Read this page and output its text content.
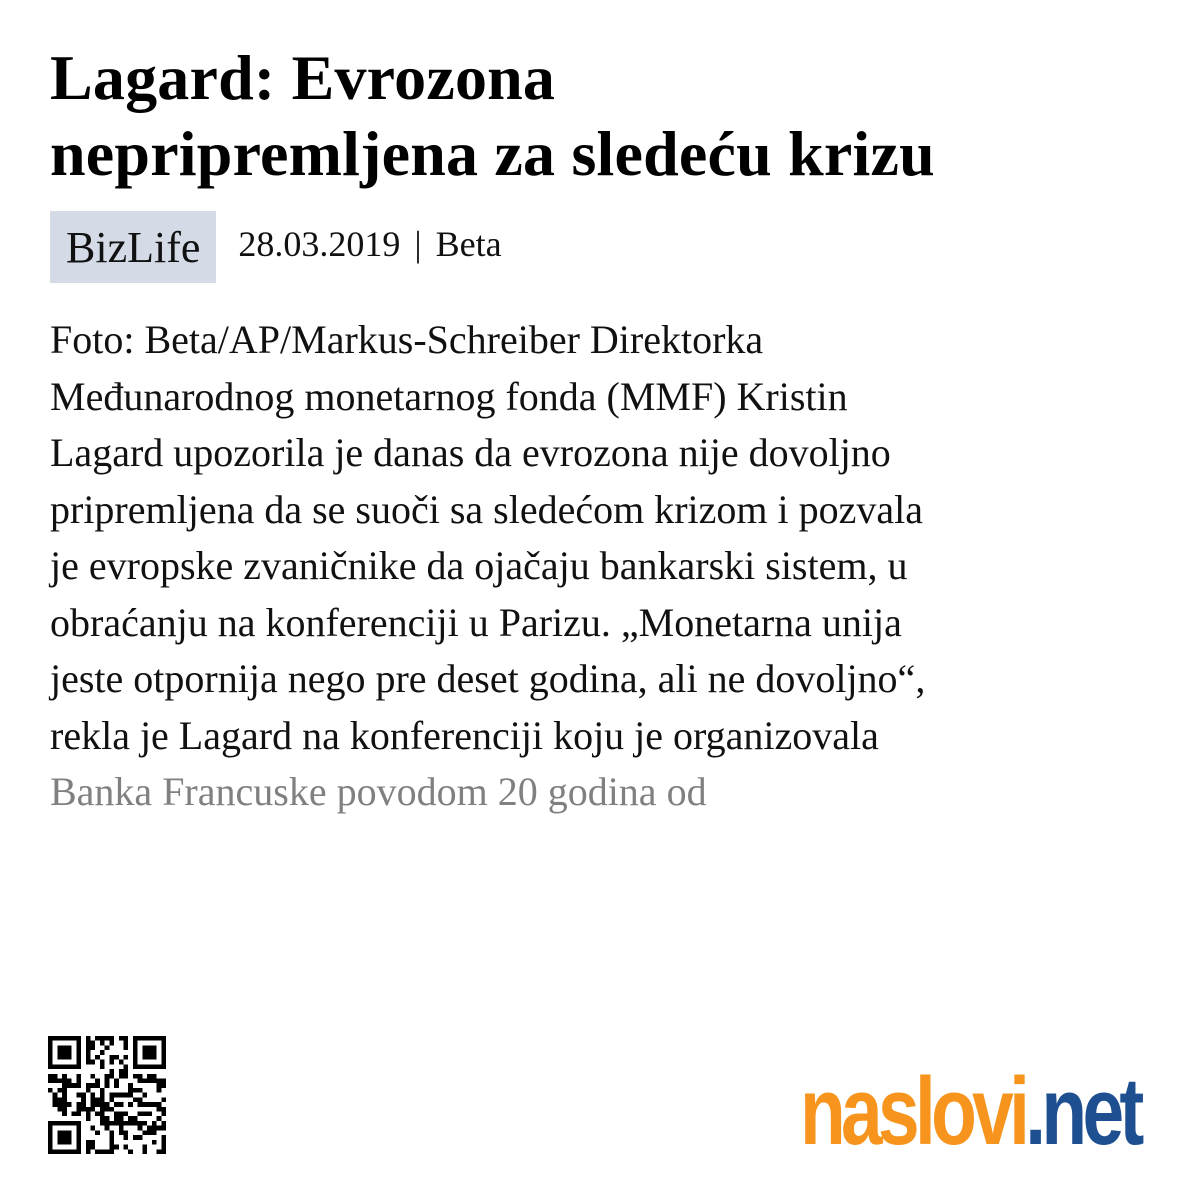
Lagard: Evrozona
nepripremljena za sledeću krizu
BizLife	28.03.2019 | Beta
Foto: Beta/AP/Markus-Schreiber Direktorka
Međunarodnog monetarnog fonda (MMF) Kristin
Lagard upozorila je danas da evrozona nije dovoljno
pripremljena da se suoči sa sledećom krizom i pozvala
je evropske zvaničnike da ojačaju bankarski sistem, u
obraćanju na konferenciji u Parizu. „Monetarna unija
jeste otpornija nego pre deset godina, ali ne dovoljno“,
rekla je Lagard na konferenciji koju je organizovala
Banka Francuske povodom 20 godina od
naslovi.net
